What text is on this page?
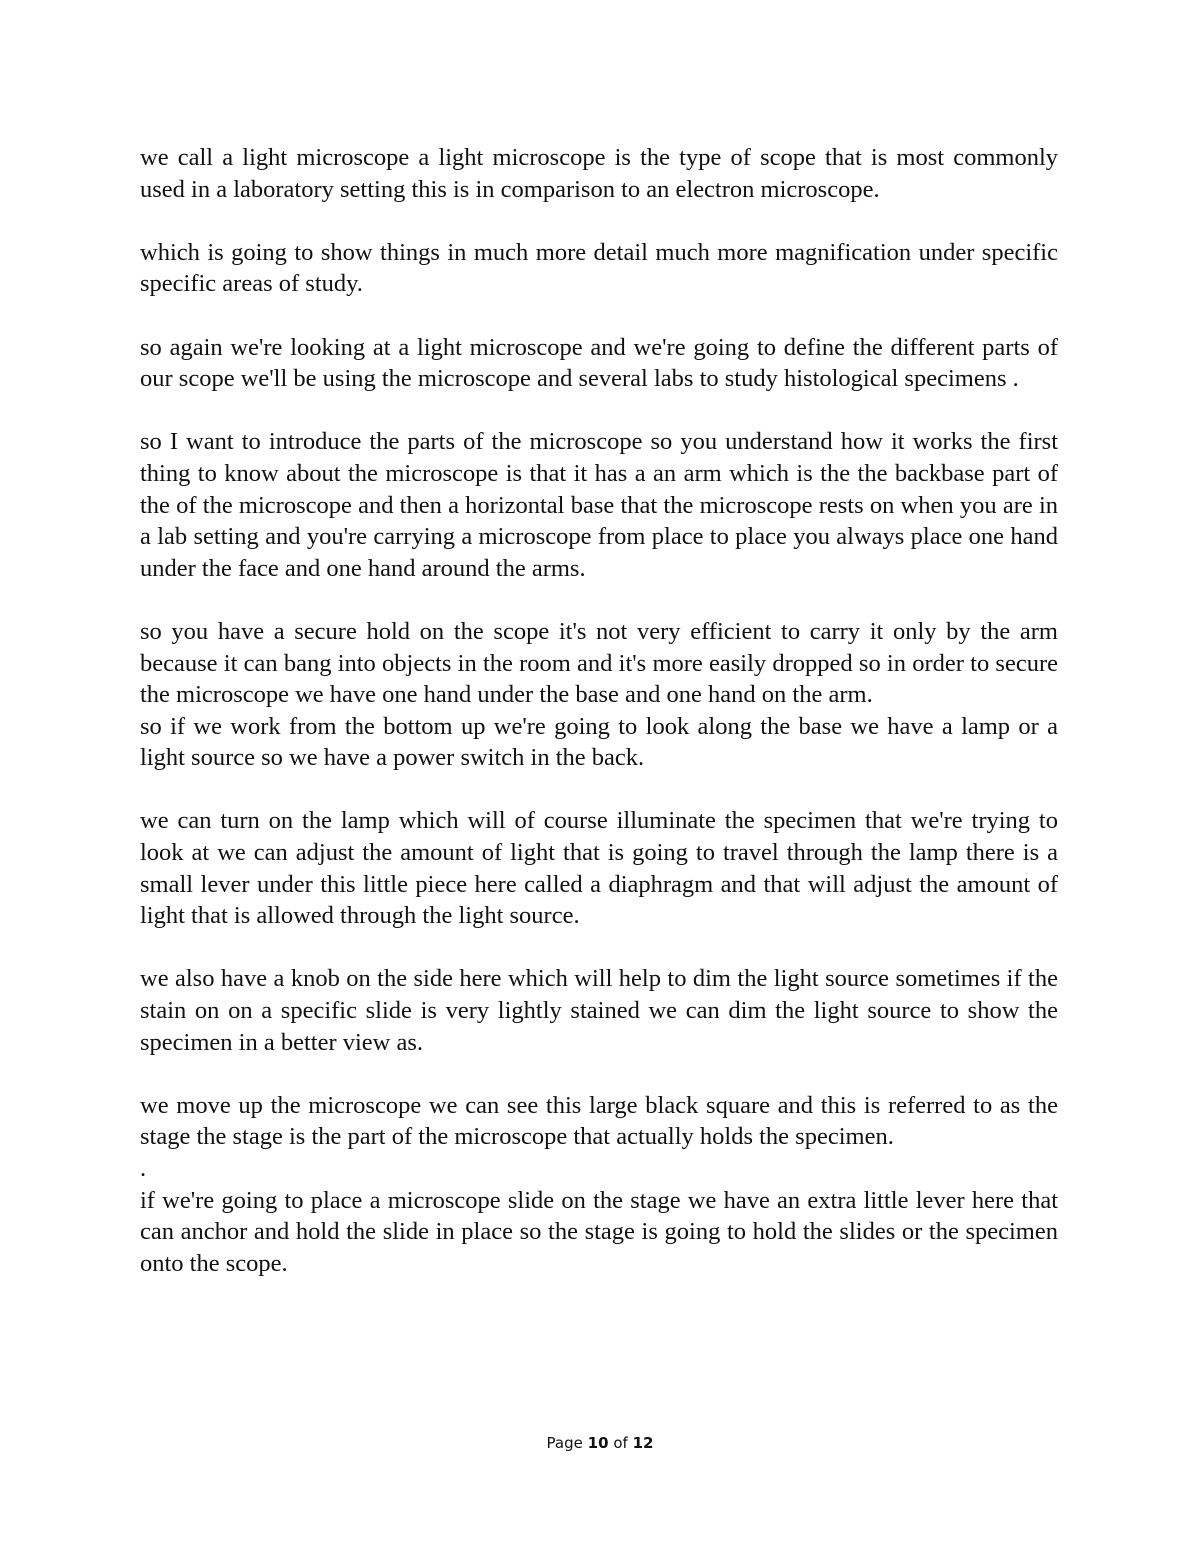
we call a light microscope a light microscope is the type of scope that is most commonly used in a laboratory setting this is in comparison to an electron microscope.

which is going to show things in much more detail much more magnification under specific specific areas of study.

so again we're looking at a light microscope and we're going to define the different parts of our scope we'll be using the microscope and several labs to study histological specimens .

so I want to introduce the parts of the microscope so you understand how it works the first thing to know about the microscope is that it has a an arm which is the the backbase part of the of the microscope and then a horizontal base that the microscope rests on when you are in a lab setting and you're carrying a microscope from place to place you always place one hand under the face and one hand around the arms.

so you have a secure hold on the scope it's not very efficient to carry it only by the arm because it can bang into objects in the room and it's more easily dropped so in order to secure the microscope we have one hand under the base and one hand on the arm.

so if we work from the bottom up we're going to look along the base we have a lamp or a light source so we have a power switch in the back.

we can turn on the lamp which will of course illuminate the specimen that we're trying to look at we can adjust the amount of light that is going to travel through the lamp there is a small lever under this little piece here called a diaphragm and that will adjust the amount of light that is allowed through the light source.

we also have a knob on the side here which will help to dim the light source sometimes if the stain on on a specific slide is very lightly stained we can dim the light source to show the specimen in a better view as.

we move up the microscope we can see this large black square and this is referred to as the stage the stage is the part of the microscope that actually holds the specimen.

.

if we're going to place a microscope slide on the stage we have an extra little lever here that can anchor and hold the slide in place so the stage is going to hold the slides or the specimen onto the scope.

Page 10 of 12
